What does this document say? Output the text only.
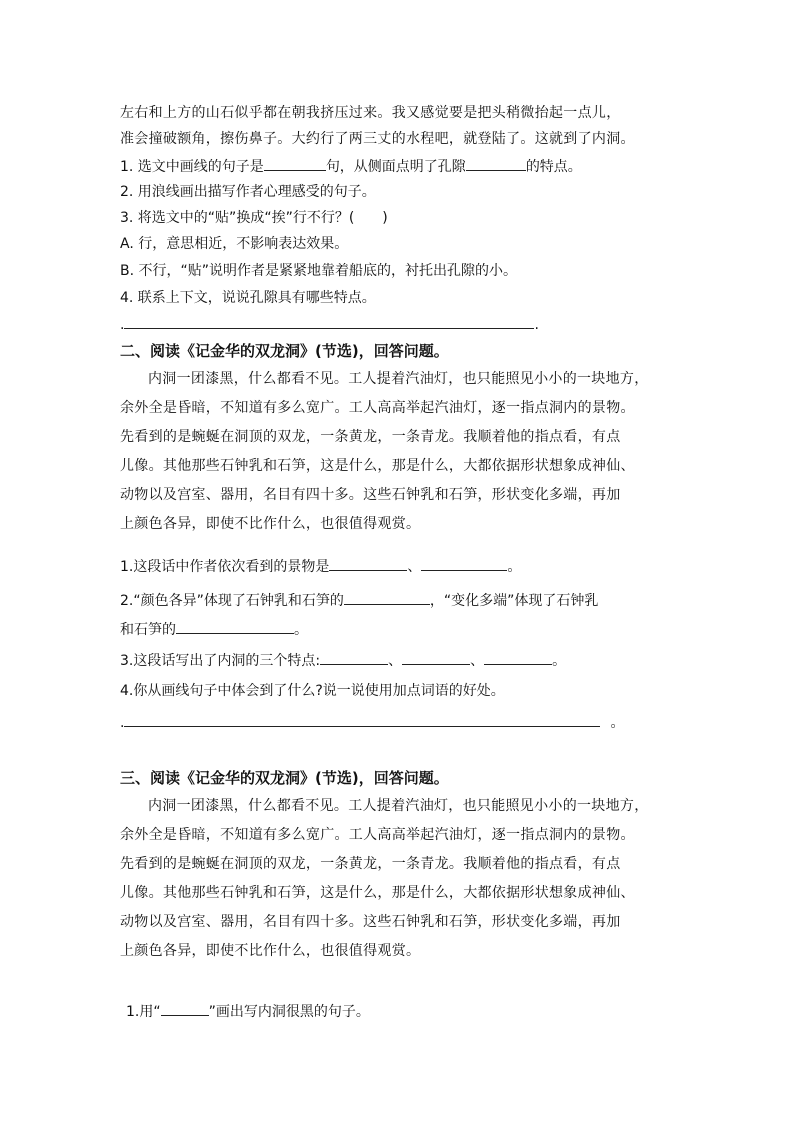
左右和上方的山石似乎都在朝我挤压过来。我又感觉要是把头稍微抬起一点儿，
准会撞破额角，擦伤鼻子。大约行了两三丈的水程吧，就登陆了。这就到了内洞。
1. 选文中画线的句子是	句，从侧面点明了孔隙	的特点。
2. 用浪线画出描写作者心理感受的句子。
3. 将选文中的“贴”换成“挨”行不行？(　　)
A. 行，意思相近，不影响表达效果。
B. 不行，“贴”说明作者是紧紧地靠着船底的，衬托出孔隙的小。
4. 联系上下文，说说孔隙具有哪些特点。
.	.
二、阅读《记金华的双龙洞》(节选)，回答问题。
内洞一团漆黑，什么都看不见。工人提着汽油灯，也只能照见小小的一块地方，
余外全是昏暗，不知道有多么宽广。工人高高举起汽油灯，逐一指点洞内的景物。
先看到的是蜿蜒在洞顶的双龙，一条黄龙，一条青龙。我顺着他的指点看，有点
儿像。其他那些石钟乳和石笋，这是什么，那是什么，大都依据形状想象成神仙、
动物以及宫室、器用，名目有四十多。这些石钟乳和石笋，形状变化多端，再加
上颜色各异，即使不比作什么，也很值得观赏。
1.这段话中作者依次看到的景物是	、	。
2.“颜色各异”体现了石钟乳和石笋的	，“变化多端”体现了石钟乳
和石笋的	。
3.这段话写出了内洞的三个特点:	、	、	。
4.你从画线句子中体会到了什么?说一说使用加点词语的好处。
.	。
三、阅读《记金华的双龙洞》(节选)，回答问题。
内洞一团漆黑，什么都看不见。工人提着汽油灯，也只能照见小小的一块地方，
余外全是昏暗，不知道有多么宽广。工人高高举起汽油灯，逐一指点洞内的景物。
先看到的是蜿蜒在洞顶的双龙，一条黄龙，一条青龙。我顺着他的指点看，有点
儿像。其他那些石钟乳和石笋，这是什么，那是什么，大都依据形状想象成神仙、
动物以及宫室、器用，名目有四十多。这些石钟乳和石笋，形状变化多端，再加
上颜色各异，即使不比作什么，也很值得观赏。
1.用“	”画出写内洞很黑的句子。
